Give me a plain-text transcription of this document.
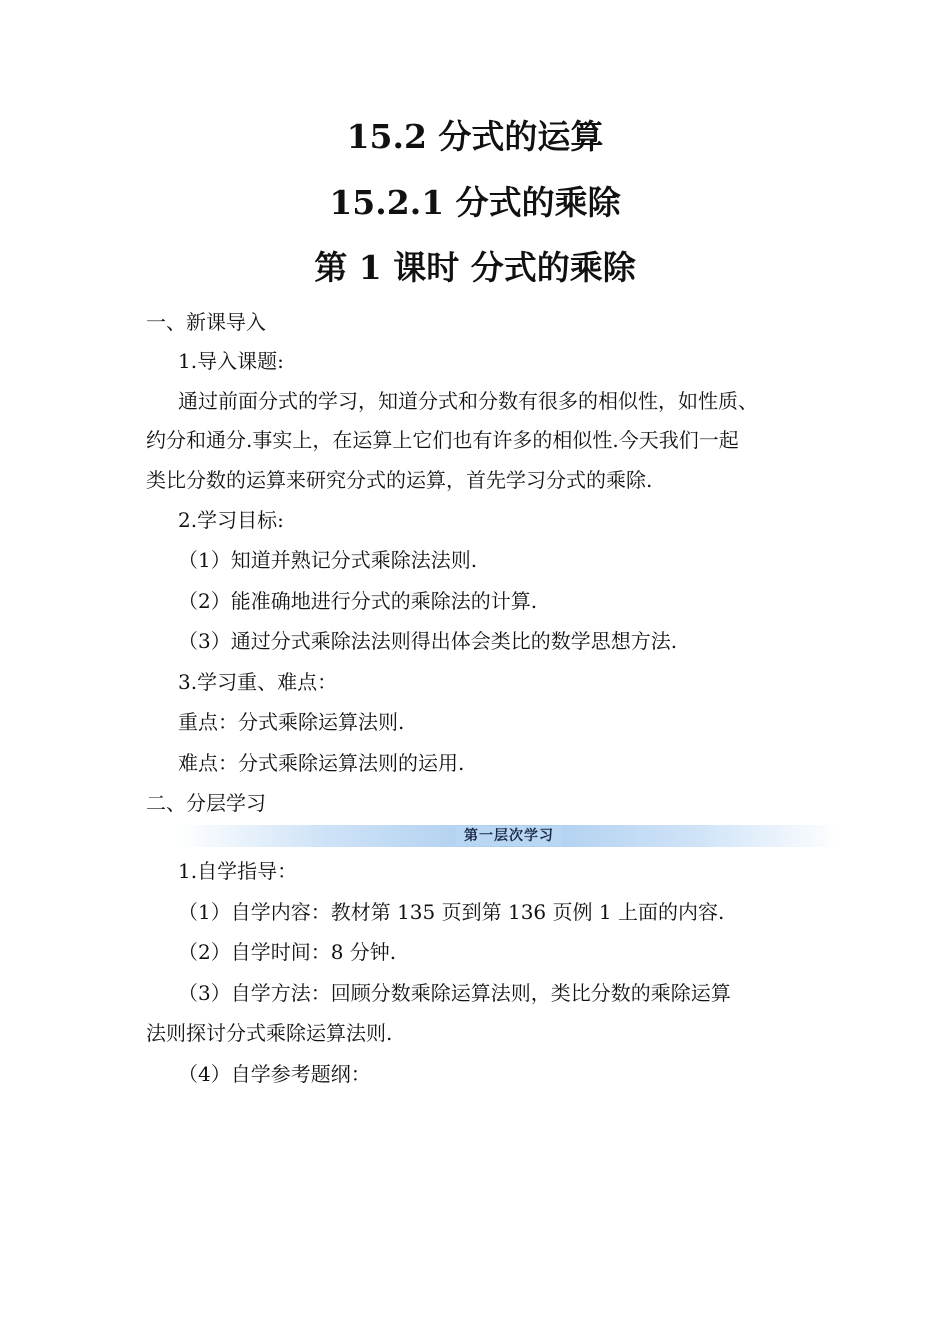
15.2 分式的运算
15.2.1 分式的乘除
第 1 课时 分式的乘除
一、新课导入
1.导入课题:
通过前面分式的学习，知道分式和分数有很多的相似性，如性质、
约分和通分.事实上，在运算上它们也有许多的相似性.今天我们一起
类比分数的运算来研究分式的运算，首先学习分式的乘除.
2.学习目标:
（1）知道并熟记分式乘除法法则.
（2）能准确地进行分式的乘除法的计算.
（3）通过分式乘除法法则得出体会类比的数学思想方法.
3.学习重、难点：
重点：分式乘除运算法则.
难点：分式乘除运算法则的运用.
二、分层学习
第一层次学习
1.自学指导：
（1）自学内容：教材第 135 页到第 136 页例 1 上面的内容.
（2）自学时间：8 分钟.
（3）自学方法：回顾分数乘除运算法则，类比分数的乘除运算
法则探讨分式乘除运算法则.
（4）自学参考题纲：
